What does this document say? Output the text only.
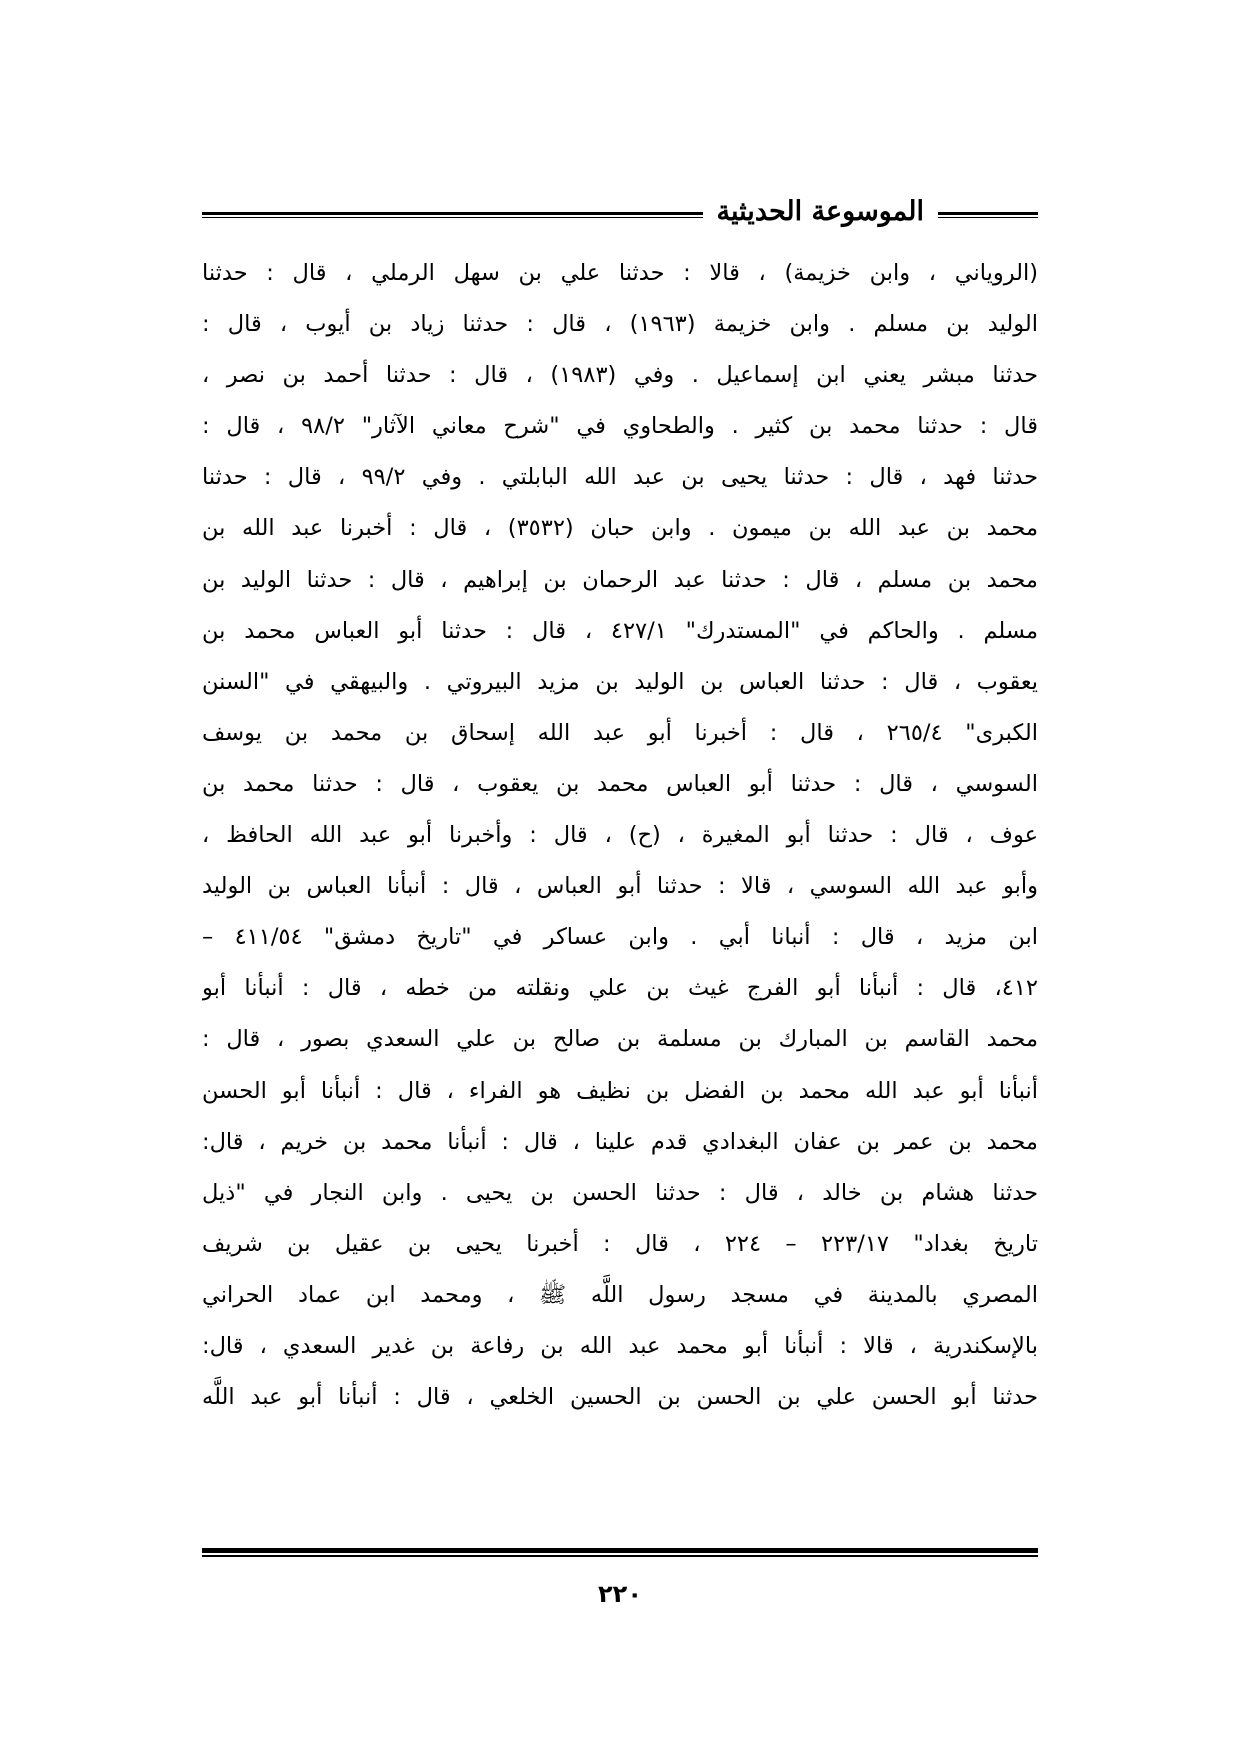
الموسوعة الحديثية
(الروياني ، وابن خزيمة) ، قالا : حدثنا علي بن سهل الرملي ، قال : حدثنا
الوليد بن مسلم . وابن خزيمة (١٩٦٣) ، قال : حدثنا زياد بن أيوب ، قال :
حدثنا مبشر يعني ابن إسماعيل . وفي (١٩٨٣) ، قال : حدثنا أحمد بن نصر ،
قال : حدثنا محمد بن كثير . والطحاوي في "شرح معاني الآثار" ٩٨/٢ ، قال :
حدثنا فهد ، قال : حدثنا يحيى بن عبد الله البابلتي . وفي ٩٩/٢ ، قال : حدثنا
محمد بن عبد الله بن ميمون . وابن حبان (٣٥٣٢) ، قال : أخبرنا عبد الله بن
محمد بن مسلم ، قال : حدثنا عبد الرحمان بن إبراهيم ، قال : حدثنا الوليد بن
مسلم . والحاكم في "المستدرك" ٤٢٧/١ ، قال : حدثنا أبو العباس محمد بن
يعقوب ، قال : حدثنا العباس بن الوليد بن مزيد البيروتي . والبيهقي في "السنن
الكبرى" ٢٦٥/٤ ، قال : أخبرنا أبو عبد الله إسحاق بن محمد بن يوسف
السوسي ، قال : حدثنا أبو العباس محمد بن يعقوب ، قال : حدثنا محمد بن
عوف ، قال : حدثنا أبو المغيرة ، (ح) ، قال : وأخبرنا أبو عبد الله الحافظ ،
وأبو عبد الله السوسي ، قالا : حدثنا أبو العباس ، قال : أنبأنا العباس بن الوليد
ابن مزيد ، قال : أنبانا أبي . وابن عساكر في "تاريخ دمشق" ٤١١/٥٤ –
٤١٢، قال : أنبأنا أبو الفرج غيث بن علي ونقلته من خطه ، قال : أنبأنا أبو
محمد القاسم بن المبارك بن مسلمة بن صالح بن علي السعدي بصور ، قال :
أنبأنا أبو عبد الله محمد بن الفضل بن نظيف هو الفراء ، قال : أنبأنا أبو الحسن
محمد بن عمر بن عفان البغدادي قدم علينا ، قال : أنبأنا محمد بن خريم ، قال:
حدثنا هشام بن خالد ، قال : حدثنا الحسن بن يحيى . وابن النجار في "ذيل
تاريخ بغداد" ٢٢٣/١٧ – ٢٢٤ ، قال : أخبرنا يحيى بن عقيل بن شريف
المصري بالمدينة في مسجد رسول اللَّه ﷺ ، ومحمد ابن عماد الحراني
بالإسكندرية ، قالا : أنبأنا أبو محمد عبد الله بن رفاعة بن غدير السعدي ، قال:
حدثنا أبو الحسن علي بن الحسن بن الحسين الخلعي ، قال : أنبأنا أبو عبد اللَّه
٢٢٠
